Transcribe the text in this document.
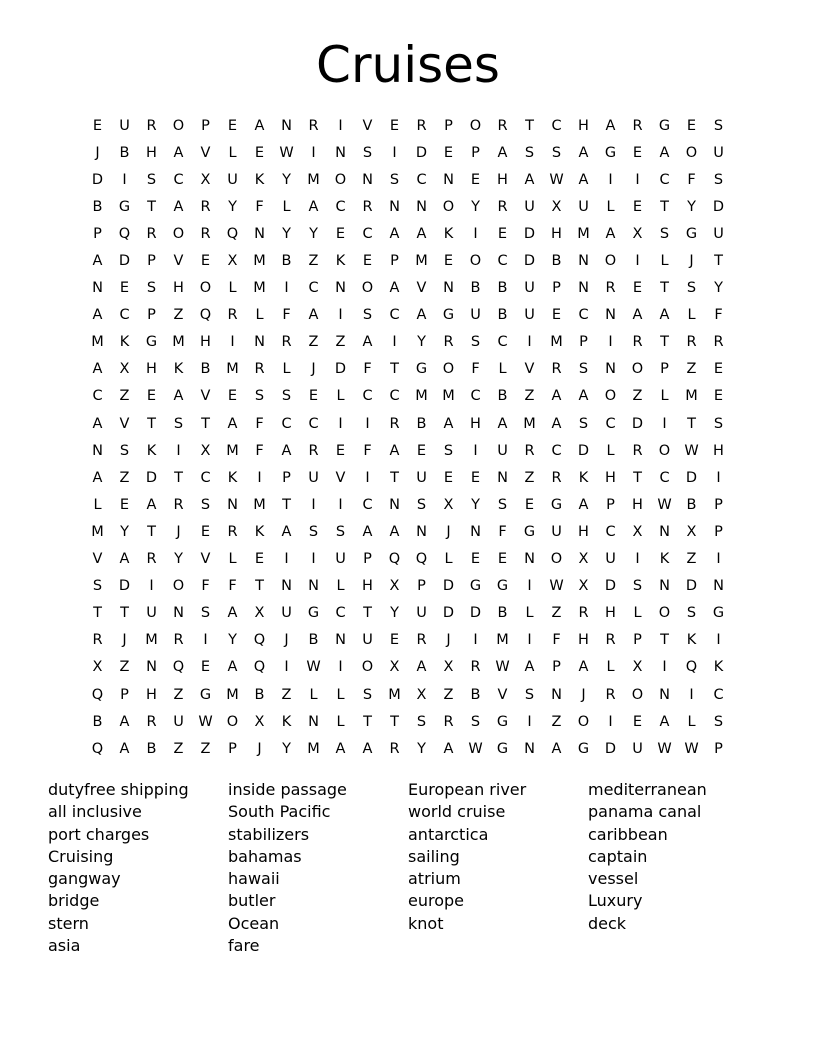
Cruises
E	U	R	O	P	E	A	N	R	I	V	E	R	P	O	R	T	C	H	A	R	G	E	S
J	B	H	A	V	L	E	W	I	N	S	I	D	E	P	A	S	S	A	G	E	A	O	U
D	I	S	C	X	U	K	Y	M	O	N	S	C	N	E	H	A	W	A	I	I	C	F	S
B	G	T	A	R	Y	F	L	A	C	R	N	N	O	Y	R	U	X	U	L	E	T	Y	D
P	Q	R	O	R	Q	N	Y	Y	E	C	A	A	K	I	E	D	H	M	A	X	S	G	U
A	D	P	V	E	X	M	B	Z	K	E	P	M	E	O	C	D	B	N	O	I	L	J	T
N	E	S	H	O	L	M	I	C	N	O	A	V	N	B	B	U	P	N	R	E	T	S	Y
A	C	P	Z	Q	R	L	F	A	I	S	C	A	G	U	B	U	E	C	N	A	A	L	F
M	K	G	M	H	I	N	R	Z	Z	A	I	Y	R	S	C	I	M	P	I	R	T	R	R
A	X	H	K	B	M	R	L	J	D	F	T	G	O	F	L	V	R	S	N	O	P	Z	E
C	Z	E	A	V	E	S	S	E	L	C	C	M M	C	B	Z	A	A	O	Z	L	M	E
A	V	T	S	T	A	F	C	C	I	I	R	B	A	H	A	M	A	S	C	D	I	T	S
N	S	K	I	X	M	F	A	R	E	F	A	E	S	I	U	R	C	D	L	R	O W H
A	Z	D	T	C	K	I	P	U	V	I	T	U	E	E	N	Z	R	K	H	T	C	D	I
L	E	A	R	S	N	M	T	I	I	C	N	S	X	Y	S	E	G	A	P	H W	B	P
M	Y	T	J	E	R	K	A	S	S	A	A	N	J	N	F	G	U	H	C	X	N	X	P
V	A	R	Y	V	L	E	I	I	U	P	Q	Q	L	E	E	N	O	X	U	I	K	Z	I
S	D	I	O	F	F	T	N	N	L	H	X	P	D	G	G	I	W	X	D	S	N	D	N
T	T	U	N	S	A	X	U	G	C	T	Y	U	D	D	B	L	Z	R	H	L	O	S	G
R	J	M	R	I	Y	Q	J	B	N	U	E	R	J	I	M	I	F	H	R	P	T	K	I
X	Z	N	Q	E	A	Q	I	W	I	O	X	A	X	R	W	A	P	A	L	X	I	Q	K
Q	P	H	Z	G	M	B	Z	L	L	S	M	X	Z	B	V	S	N	J	R	O	N	I	C
B	A	R	U	W O	X	K	N	L	T	T	S	R	S	G	I	Z	O	I	E	A	L	S
Q	A	B	Z	Z	P	J	Y	M	A	A	R	Y	A	W G	N	A	G	D	U	W W	P
dutyfree shipping
all inclusive
port charges
Cruising
gangway
bridge
stern
asia
inside passage
South Pacific
stabilizers
bahamas
hawaii
butler
Ocean
fare
European river
world cruise
antarctica
sailing
atrium
europe
knot
mediterranean
panama canal
caribbean
captain
vessel
Luxury
deck
